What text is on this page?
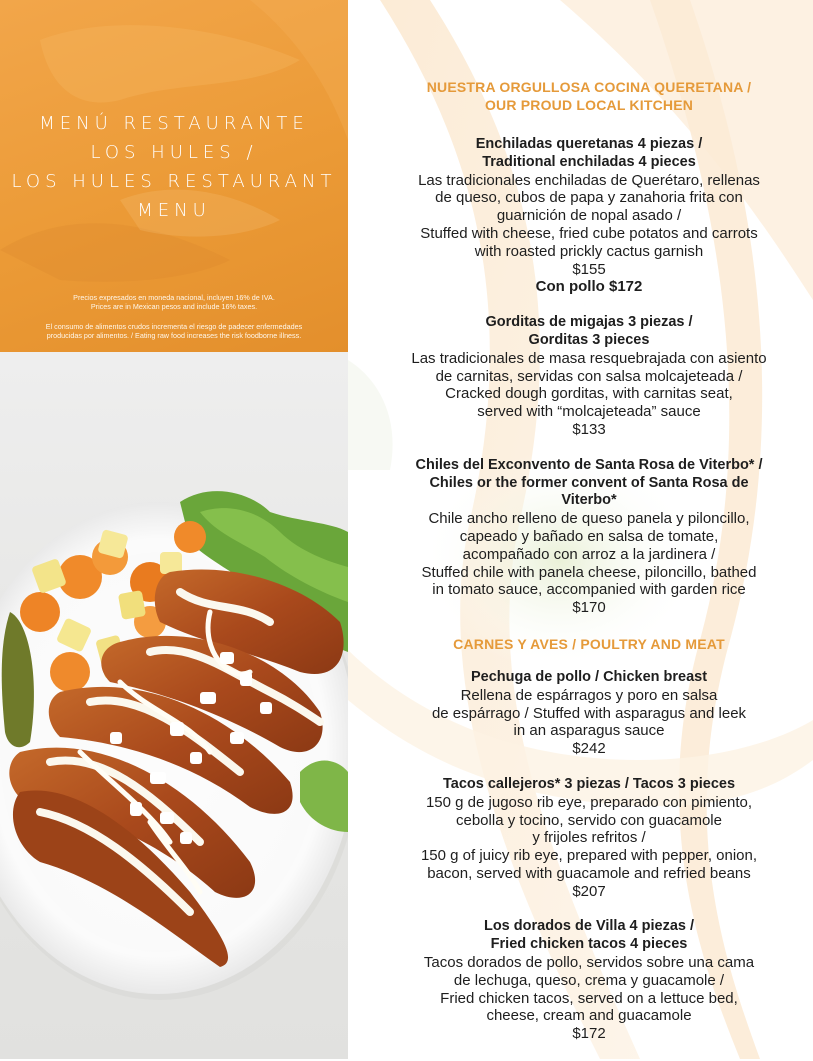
MENÚ RESTAURANTE
LOS HULES /
LOS HULES RESTAURANT
MENU
Precios expresados en moneda nacional, incluyen 16% de IVA.
Prices are in Mexican pesos and include 16% taxes.
El consumo de alimentos crudos incrementa el riesgo de padecer enfermedades
producidas por alimentos. / Eating raw food increases the risk foodborne illness.
NUESTRA ORGULLOSA COCINA QUERETANA /
OUR PROUD LOCAL KITCHEN
Enchiladas queretanas 4 piezas /
Traditional enchiladas 4 pieces
Las tradicionales enchiladas de Querétaro, rellenas
de queso, cubos de papa y zanahoria frita con
guarnición de nopal asado /
Stuffed with cheese, fried cube potatos and carrots
with roasted prickly cactus garnish
$155
Con pollo $172
Gorditas de migajas 3 piezas /
Gorditas 3 pieces
Las tradicionales de masa resquebrajada con asiento
de carnitas, servidas con salsa molcajeteada /
Cracked dough gorditas, with carnitas seat,
served with “molcajeteada” sauce
$133
Chiles del Exconvento de Santa Rosa de Viterbo* /
Chiles or the former convent of Santa Rosa de
Viterbo*
Chile ancho relleno de queso panela y piloncillo,
capeado y bañado en salsa de tomate,
acompañado con arroz a la jardinera /
Stuffed chile with panela cheese, piloncillo, bathed
in tomato sauce, accompanied with garden rice
$170
CARNES Y AVES / POULTRY AND MEAT
Pechuga de pollo / Chicken breast
Rellena de espárragos y poro en salsa
de espárrago / Stuffed with asparagus and leek
in an asparagus sauce
$242
Tacos callejeros* 3 piezas / Tacos 3 pieces
150 g de jugoso rib eye, preparado con pimiento,
cebolla y tocino, servido con guacamole
y frijoles refritos /
150 g of juicy rib eye, prepared with pepper, onion,
bacon, served with guacamole and refried beans
$207
Los dorados de Villa 4 piezas /
Fried chicken tacos 4 pieces
Tacos dorados de pollo, servidos sobre una cama
de lechuga, queso, crema y guacamole /
Fried chicken tacos, served on a lettuce bed,
cheese, cream and guacamole
$172
